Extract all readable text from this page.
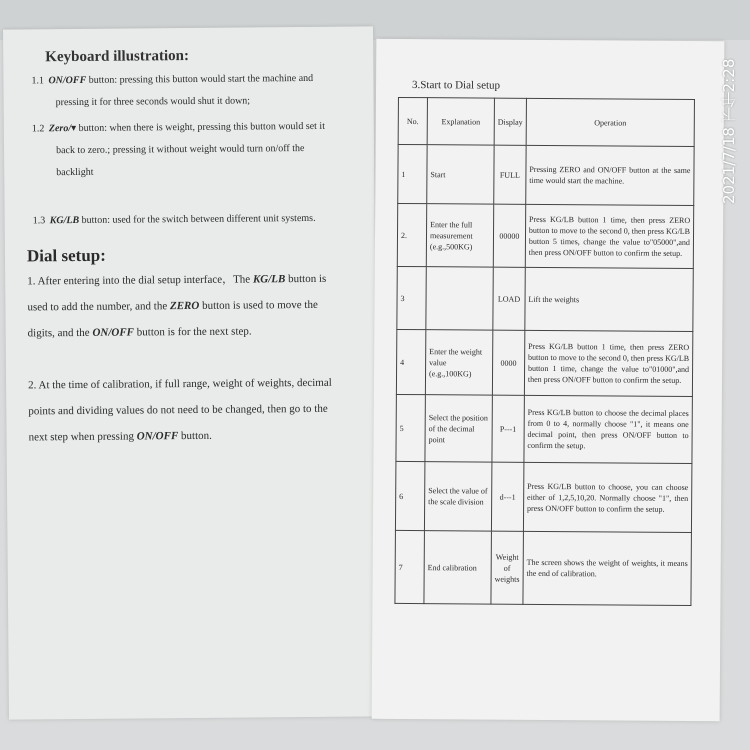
Keyboard illustration:
1.1 ON/OFF button: pressing this button would start the machine and pressing it for three seconds would shut it down;
1.2 Zero/▾ button: when there is weight, pressing this button would set it back to zero.; pressing it without weight would turn on/off the backlight
1.3 KG/LB button: used for the switch between different unit systems.
Dial setup:

1. After entering into the dial setup interface，The KG/LB button is used to add the number, and the ZERO button is used to move the digits, and the ON/OFF button is for the next step.

2. At the time of calibration, if full range, weight of weights, decimal points and dividing values do not need to be changed, then go to the next step when pressing ON/OFF button.

3.Start to Dial setup
No.	Explanation	Display	Operation
1	Start	FULL	Pressing ZERO and ON/OFF button at the same time would start the machine.
2.	Enter the full measurement (e.g.,500KG)	00000	Press KG/LB button 1 time, then press ZERO button to move to the second 0, then press KG/LB button 5 times, change the value to"05000",and then press ON/OFF button to confirm the setup.
3		LOAD	Lift the weights
4	Enter the weight value (e.g.,100KG)	0000	Press KG/LB button 1 time, then press ZERO button to move to the second 0, then press KG/LB button 1 time, change the value to"01000",and then press ON/OFF button to confirm the setup.
5	Select the position of the decimal point	P---1	Press KG/LB button to choose the decimal places from 0 to 4, normally choose "1", it means one decimal point, then press ON/OFF button to confirm the setup.
6	Select the value of the scale division	d---1	Press KG/LB button to choose, you can choose either of 1,2,5,10,20. Normally choose "1", then press ON/OFF button to confirm the setup.
7	End calibration	Weight of weights	The screen shows the weight of weights, it means the end of calibration.
2021/7/18 下午2:28
